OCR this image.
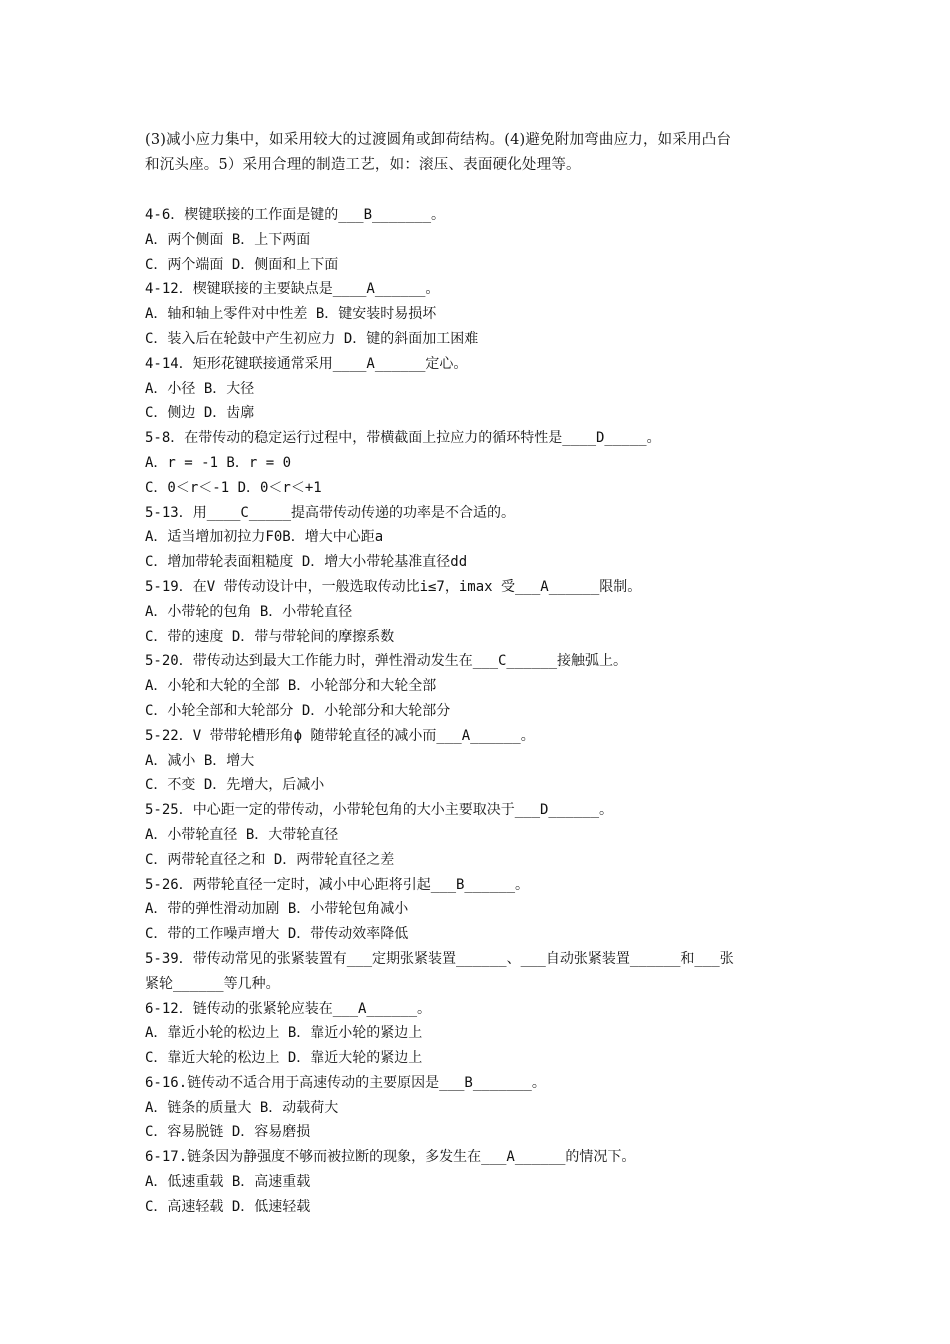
(3)减小应力集中，如采用较大的过渡圆角或卸荷结构。(4)避免附加弯曲应力，如采用凸台

和沉头座。5）采用合理的制造工艺，如：滚压、表面硬化处理等。

4-6．楔键联接的工作面是键的___B_______。

A．两个侧面 B．上下两面

C．两个端面 D．侧面和上下面

4-12．楔键联接的主要缺点是____A______。

A．轴和轴上零件对中性差 B．键安装时易损坏

C．装入后在轮鼓中产生初应力 D．键的斜面加工困难

4-14．矩形花键联接通常采用____A______定心。

A．小径 B．大径

C．侧边 D．齿廓

5-8．在带传动的稳定运行过程中，带横截面上拉应力的循环特性是____D_____。

A．r = -1 B．r = 0

C．0＜r＜-1 D．0＜r＜+1

5-13．用____C_____提高带传动传递的功率是不合适的。

A．适当增加初拉力F0B．增大中心距a

C．增加带轮表面粗糙度 D．增大小带轮基准直径dd

5-19．在V 带传动设计中，一般选取传动比i≤7，imax 受___A______限制。

A．小带轮的包角 B．小带轮直径

C．带的速度 D．带与带轮间的摩擦系数

5-20．带传动达到最大工作能力时，弹性滑动发生在___C______接触弧上。

A．小轮和大轮的全部 B．小轮部分和大轮全部

C．小轮全部和大轮部分 D．小轮部分和大轮部分

5-22．V 带带轮槽形角ϕ 随带轮直径的减小而___A______。

A．减小 B．增大

C．不变 D．先增大，后减小

5-25．中心距一定的带传动，小带轮包角的大小主要取决于___D______。

A．小带轮直径 B．大带轮直径

C．两带轮直径之和 D．两带轮直径之差

5-26．两带轮直径一定时，减小中心距将引起___B______。

A．带的弹性滑动加剧 B．小带轮包角减小

C．带的工作噪声增大 D．带传动效率降低

5-39．带传动常见的张紧装置有___定期张紧装置______、___自动张紧装置______和___张

紧轮______等几种。

6-12．链传动的张紧轮应装在___A______。

A．靠近小轮的松边上 B．靠近小轮的紧边上

C．靠近大轮的松边上 D．靠近大轮的紧边上

6-16.链传动不适合用于高速传动的主要原因是___B_______。

A．链条的质量大 B．动载荷大

C．容易脱链 D．容易磨损

6-17.链条因为静强度不够而被拉断的现象，多发生在___A______的情况下。

A．低速重载 B．高速重载

C．高速轻载 D．低速轻载
